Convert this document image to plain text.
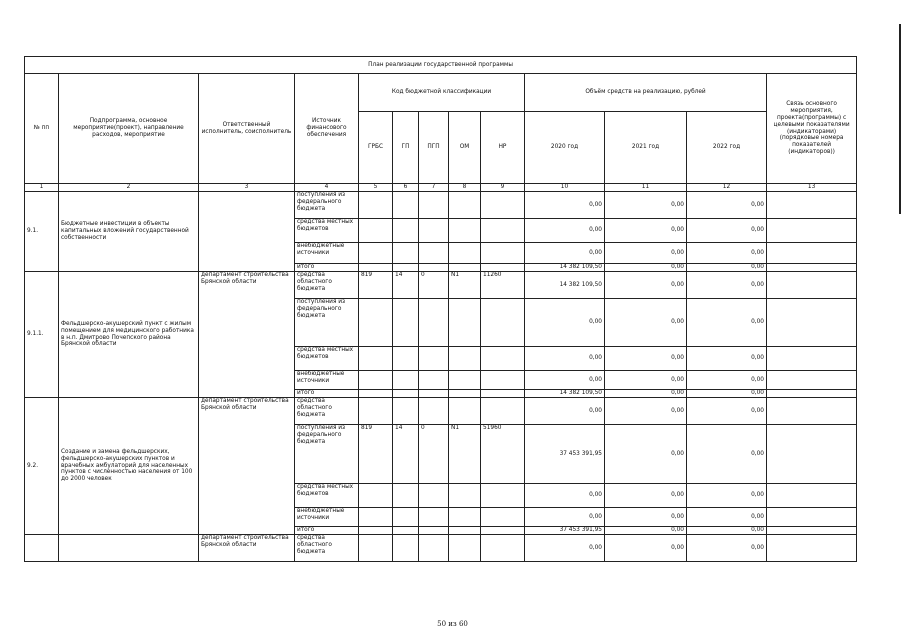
План реализации государственной программы												
№ пп	Подпрограмма, основное мероприятие(проект), направление расходов, мероприятие	Ответственный исполнитель, соисполнитель	Источник финансового обеспечения	Код бюджетной классификации					Объём средств на реализацию, рублей			Связь основного мероприятия, проекта(программы) с целевыми показателями (индикаторами) (порядковые номера показателей (индикаторов))
				ГРБС	ГП	ПГП	ОМ	НР	2020 год	2021 год	2022 год	
1	2	3	4	5	6	7	8	9	10	11	12	13
9.1.	Бюджетные инвестиции в объекты капитальных вложений государственной собственности		поступления из федерального бюджета						0,00	0,00	0,00	
			средства местных бюджетов						0,00	0,00	0,00	
			внебюджетные источники						0,00	0,00	0,00	
			итого						14 382 109,50	0,00	0,00	
9.1.1.	Фельдшерско-акушерский пункт с жилым помещением для медицинского работника в н.п. Дмитрово Почепского района Брянской области	департамент строительства Брянской области	средства областного бюджета	819	14	0	N1	11260	14 382 109,50	0,00	0,00	
			поступления из федерального бюджета						0,00	0,00	0,00	
			средства местных бюджетов						0,00	0,00	0,00	
			внебюджетные источники						0,00	0,00	0,00	
			итого						14 382 109,50	0,00	0,00	
9.2.	Создание и замена фельдшерских, фельдшерско-акушерских пунктов и врачебных амбулаторий для населенных пунктов с численностью населения от 100 до 2000 человек	департамент строительства Брянской области	средства областного бюджета						0,00	0,00	0,00	
			поступления из федерального бюджета	819	14	0	N1	51960	37 453 391,95	0,00	0,00	
			средства местных бюджетов						0,00	0,00	0,00	
			внебюджетные источники						0,00	0,00	0,00	
			итого						37 453 391,95	0,00	0,00	
		департамент строительства Брянской области	средства областного бюджета						0,00	0,00	0,00	
50 из 60
